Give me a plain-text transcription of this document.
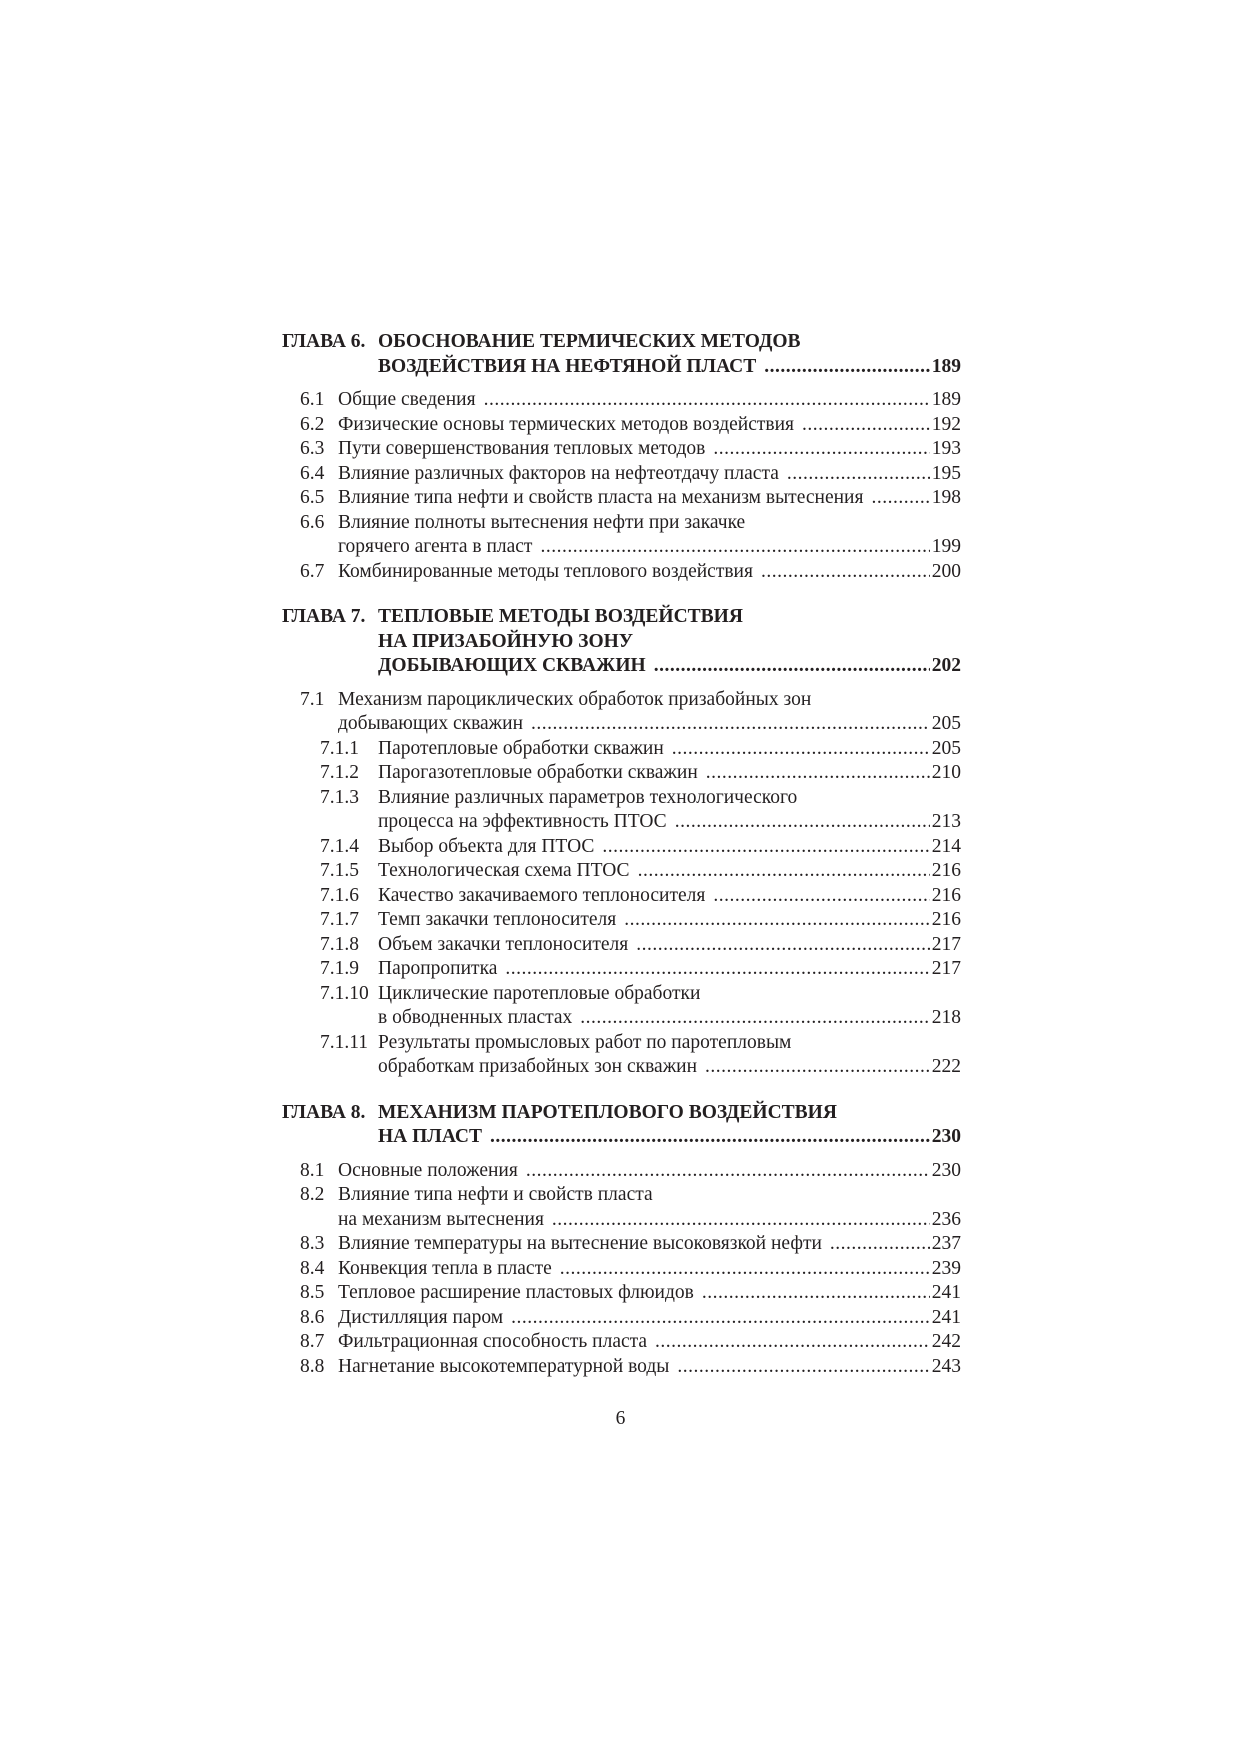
ГЛАВА 6. ОБОСНОВАНИЕ ТЕРМИЧЕСКИХ МЕТОДОВ
ВОЗДЕЙСТВИЯ НА НЕФТЯНОЙ ПЛАСТ .....	189
6.1 Общие сведения .....	189
6.2 Физические основы термических методов воздействия .....	192
6.3 Пути совершенствования тепловых методов .....	193
6.4 Влияние различных факторов на нефтеотдачу пласта .....	195
6.5 Влияние типа нефти и свойств пласта на механизм вытеснения .....	198
6.6 Влияние полноты вытеснения нефти при закачке
горячего агента в пласт .....	199
6.7 Комбинированные методы теплового воздействия .....	200
ГЛАВА 7. ТЕПЛОВЫЕ МЕТОДЫ ВОЗДЕЙСТВИЯ
НА ПРИЗАБОЙНУЮ ЗОНУ
ДОБЫВАЮЩИХ СКВАЖИН .....	202
7.1 Механизм пароциклических обработок призабойных зон
добывающих скважин .....	205
7.1.1 Паротепловые обработки скважин .....	205
7.1.2 Парогазотепловые обработки скважин .....	210
7.1.3 Влияние различных параметров технологического
процесса на эффективность ПТОС .....	213
7.1.4 Выбор объекта для ПТОС .....	214
7.1.5 Технологическая схема ПТОС .....	216
7.1.6 Качество закачиваемого теплоносителя .....	216
7.1.7 Темп закачки теплоносителя .....	216
7.1.8 Объем закачки теплоносителя .....	217
7.1.9 Паропропитка .....	217
7.1.10 Циклические паротепловые обработки
в обводненных пластах .....	218
7.1.11 Результаты промысловых работ по паротепловым
обработкам призабойных зон скважин .....	222
ГЛАВА 8. МЕХАНИЗМ ПАРОТЕПЛОВОГО ВОЗДЕЙСТВИЯ
НА ПЛАСТ .....	230
8.1 Основные положения .....	230
8.2 Влияние типа нефти и свойств пласта
на механизм вытеснения .....	236
8.3 Влияние температуры на вытеснение высоковязкой нефти .....	237
8.4 Конвекция тепла в пласте .....	239
8.5 Тепловое расширение пластовых флюидов .....	241
8.6 Дистилляция паром .....	241
8.7 Фильтрационная способность пласта .....	242
8.8 Нагнетание высокотемпературной воды .....	243
6
